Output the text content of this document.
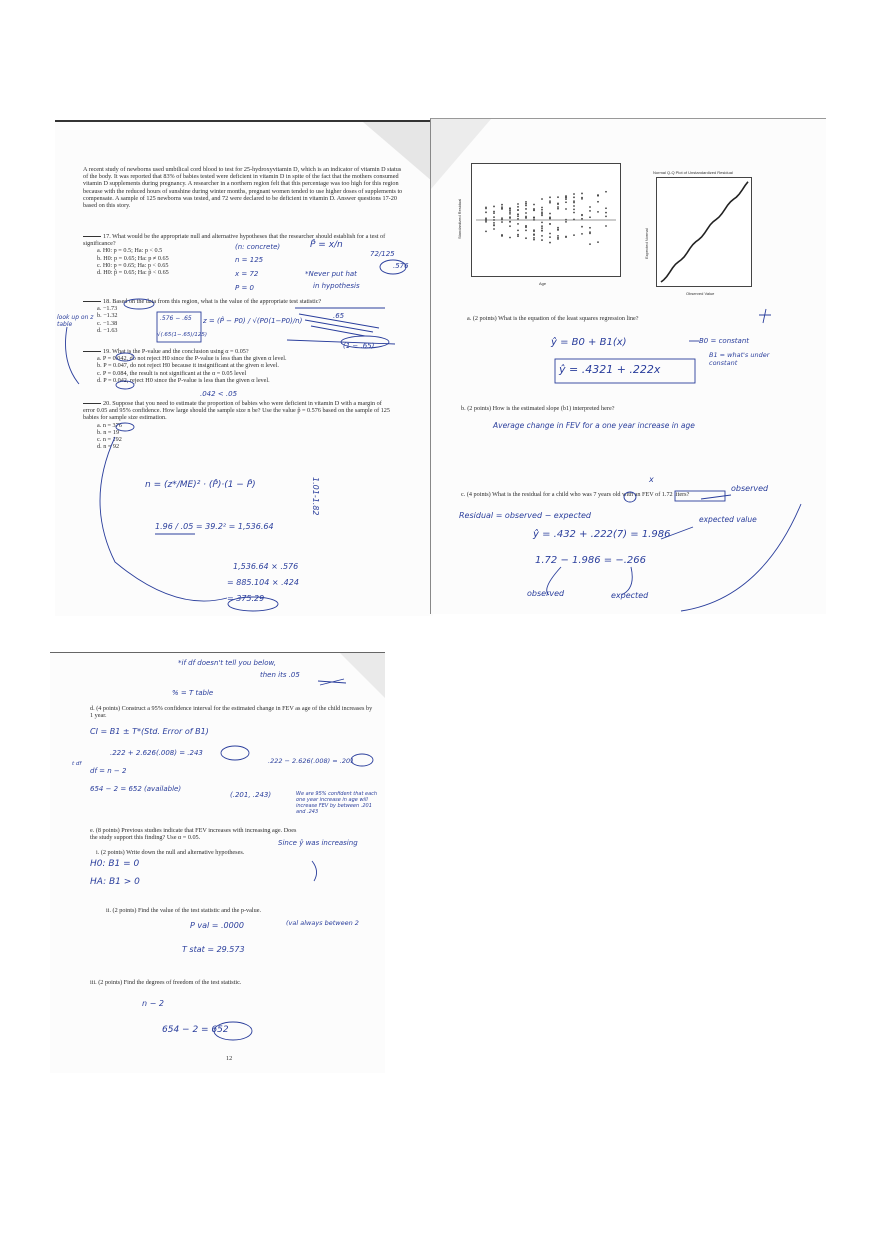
A recent study of newborns used umbilical cord blood to test for 25-hydroxyvitamin D, which is an indicator of vitamin D status of the body. It was reported that 83% of babies tested were deficient in vitamin D in spite of the fact that the mothers consumed vitamin D supplements during pregnancy. A researcher in a northern region felt that this percentage was too high for this region because with the reduced hours of sunshine during winter months, pregnant women tended to use higher doses of supplements to compensate. A sample of 125 newborns was tested, and 72 were declared to be deficient in vitamin D. Answer questions 17-20 based on this story.
17. What would be the appropriate null and alternative hypotheses that the researcher should establish for a test of significance?
a. H0: p = 0.5; Ha: p < 0.5
b. H0: p = 0.65; Ha: p ≠ 0.65
c. H0: p = 0.65; Ha: p < 0.65
d. H0: p̂ = 0.65; Ha: p̂ < 0.65
18. Based on the data from this region, what is the value of the appropriate test statistic?
a. −1.73
b. −1.32
c. −1.38
d. −1.63
19. What is the P-value and the conclusion using α = 0.05?
a. P = 0.042, do not reject H0 since the P-value is less than the given α level.
b. P = 0.047, do not reject H0 because it insignificant at the given α level.
c. P = 0.084, the result is not significant at the α = 0.05 level
d. P = 0.042, reject H0 since the P-value is less than the given α level.
20. Suppose that you need to estimate the proportion of babies who were deficient in vitamin D with a margin of error 0.05 and 95% confidence. How large should the sample size n be? Use the value p̂ = 0.576 based on the sample of 125 babies for sample size estimation.
a. n = 376
b. n = 19
c. n = 192
d. n = 92
(n: concrete)	P̂ = x/n
n = 125
x = 72
72/125
.576
P = 0
*Never put hat
in hypothesis
look up on z table	z = (P̂ − P0) / √(P0(1−P0)/n)
.576 − .65
√(.65(1−.65)/125)
.65
(1 − .65)
n = (z*/ME)² · (P̂)·(1 − P̂)
1.96 / .05 = 39.2² = 1,536.64
1,536.64 × .576
= 885.104 × .424
= 375.29
1.01-1.82
.042 < .05
Age
Standardized Residual
Normal Q-Q Plot of Unstandardized Residual
Observed Value
Expected Normal
a. (2 points) What is the equation of the least squares regression line?
b. (2 points) How is the estimated slope (b1) interpreted here?
c. (4 points) What is the residual for a child who was 7 years old with an FEV of 1.72 liters?
ŷ = B0 + B1(x)	B0 = constant
B1 = what's under constant
ŷ = .4321 + .222x
Average change in FEV for a one year increase in age
x
observed
Residual = observed − expected	expected value
ŷ = .432 + .222(7) = 1.986
1.72 − 1.986 = −.266
observed	expected
*if df doesn't tell you below,
then its .05
% = T table
d. (4 points) Construct a 95% confidence interval for the estimated change in FEV as age of the child increases by 1 year.
CI = B1 ± T*(Std. Error of B1)
.222 + 2.626(.008) = .243
.222 − 2.626(.008) = .201
t df
df = n − 2
654 − 2 = 652 (available)
(.201, .243)	We are 95% confident that each one year increase in age will increase FEV by between .201 and .243
e. (8 points) Previous studies indicate that FEV increases with increasing age. Does the study support this finding? Use α = 0.05.
i. (2 points) Write down the null and alternative hypotheses.
Since ŷ was increasing
H0: B1 = 0
HA: B1 > 0
ii. (2 points) Find the value of the test statistic and the p-value.
P val = .0000	(val always between 2
T stat = 29.573
iii. (2 points) Find the degrees of freedom of the test statistic.
n − 2
654 − 2 = 652
12
